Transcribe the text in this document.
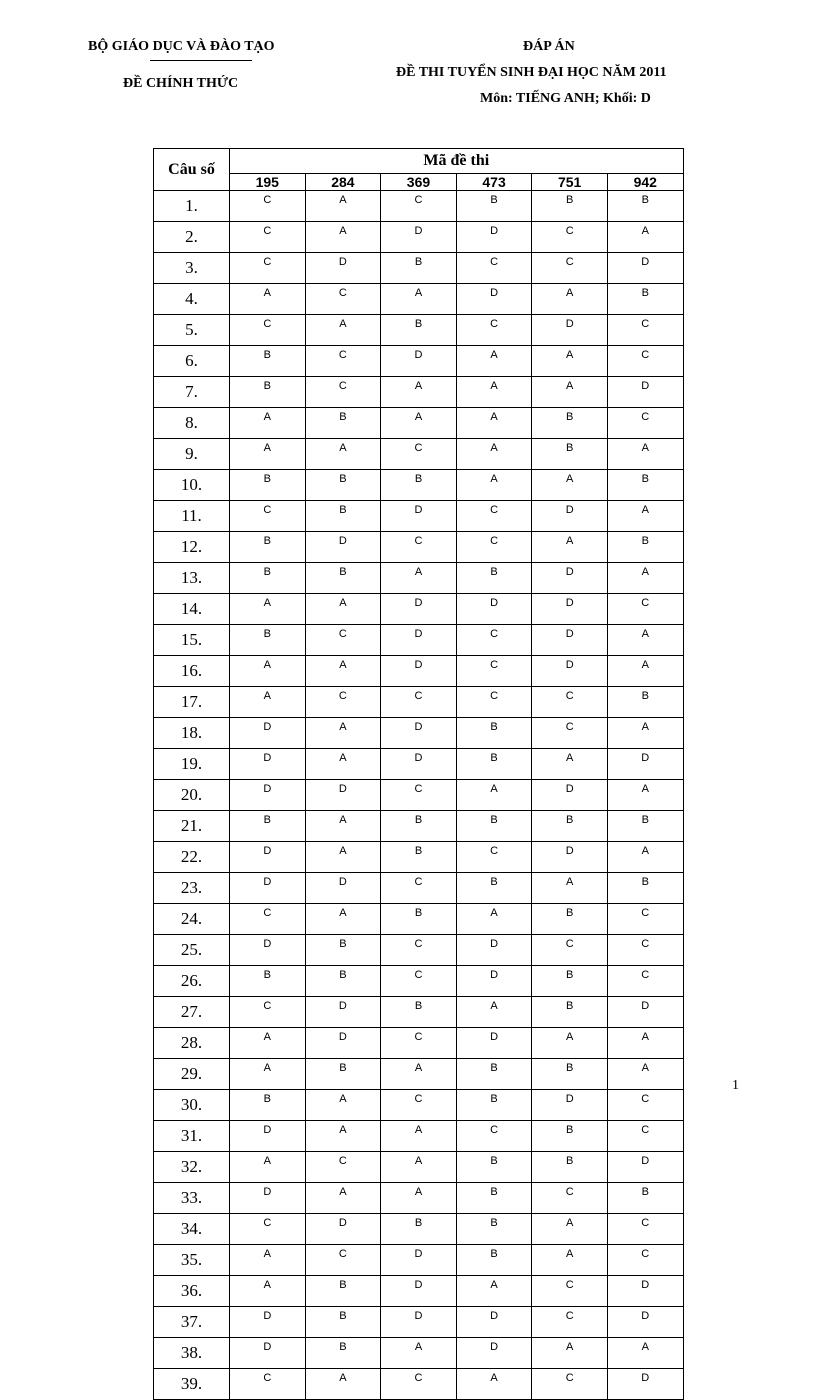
BỘ GIÁO DỤC VÀ ĐÀO TẠO
ĐỀ CHÍNH THỨC
ĐÁP ÁN
ĐỀ THI TUYỂN SINH ĐẠI HỌC NĂM 2011
Môn: TIẾNG ANH; Khối: D
Câu số	Mã đề thi					
	195	284	369	473	751	942
1.	C	A	C	B	B	B
2.	C	A	D	D	C	A
3.	C	D	B	C	C	D
4.	A	C	A	D	A	B
5.	C	A	B	C	D	C
6.	B	C	D	A	A	C
7.	B	C	A	A	A	D
8.	A	B	A	A	B	C
9.	A	A	C	A	B	A
10.	B	B	B	A	A	B
11.	C	B	D	C	D	A
12.	B	D	C	C	A	B
13.	B	B	A	B	D	A
14.	A	A	D	D	D	C
15.	B	C	D	C	D	A
16.	A	A	D	C	D	A
17.	A	C	C	C	C	B
18.	D	A	D	B	C	A
19.	D	A	D	B	A	D
20.	D	D	C	A	D	A
21.	B	A	B	B	B	B
22.	D	A	B	C	D	A
23.	D	D	C	B	A	B
24.	C	A	B	A	B	C
25.	D	B	C	D	C	C
26.	B	B	C	D	B	C
27.	C	D	B	A	B	D
28.	A	D	C	D	A	A
29.	A	B	A	B	B	A
30.	B	A	C	B	D	C
31.	D	A	A	C	B	C
32.	A	C	A	B	B	D
33.	D	A	A	B	C	B
34.	C	D	B	B	A	C
35.	A	C	D	B	A	C
36.	A	B	D	A	C	D
37.	D	B	D	D	C	D
38.	D	B	A	D	A	A
39.	C	A	C	A	C	D
1
